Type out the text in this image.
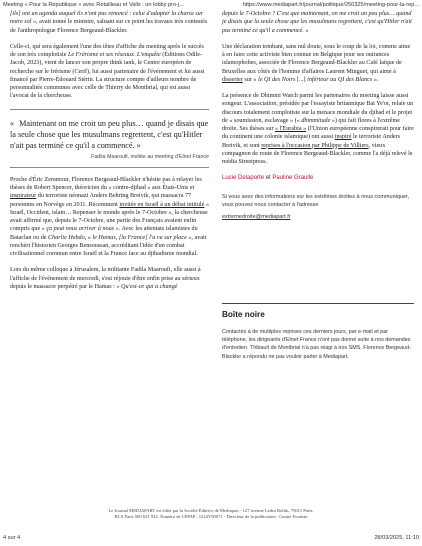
Meeting « Pour la République » avec Retailleau et Valls : un lobby pro-j...	https://www.mediapart.fr/journal/politique/250325/meeting-pour-la-rep...

[ils] ont un agenda auquel ils n'ont pas renoncé : celui d'adapter la charia sur notre sol », avait tonné le ministre, saluant sur ce point les travaux très contestés de l'anthropologue Florence Bergeaud-Blackler.

Celle-ci, qui sera également l'une des têtes d'affiche du meeting après le succès de son très complotiste Le Frérisme et ses réseaux. L'enquête (Éditions Odile-Jacob, 2023), vient de lancer son propre think tank, le Centre européen de recherche sur le frérisme (Cerif), lui aussi partenaire de l'événement et lui aussi financé par Pierre-Édouard Stérin. La structure compte d'ailleurs nombre de personnalités communes avec celle de Thierry de Montbrial, qui est aussi l'avocat de la chercheuse.

« Maintenant on me croit un peu plus… quand je disais que la seule chose que les musulmans regrettent, c'est qu'Hitler n'ait pas terminé ce qu'il a commencé. »
Fadila Maaroufi, invitée au meeting d'Elnet France

Proche d'Éric Zemmour, Florence Bergeaud-Blackler n'hésite pas à relayer les thèses de Robert Spencer, théoricien du « contre-djihad » aux États-Unis et inspirateur du terroriste néonazi Anders Behring Breivik, qui massacra 77 personnes en Norvège en 2011. Récemment invitée en Israël à un débat intitulé « Israël, Occident, islam… Repenser le monde après le 7-Octobre », la chercheuse avait affirmé que, depuis le 7-Octobre, une partie des Français avaient enfin compris que « ça peut nous arriver à nous ». Avec les attentats islamistes du Bataclan ou de Charlie Hebdo, « le Hamas, [la France] l'a vu sur place », avait renchéri l'historien Georges Bensoussan, accréditant l'idée d'un combat civilisationnel commun entre Israël et la France face au djihadisme mondial.

Lors du même colloque à Jérusalem, la militante Fadila Maaroufi, elle aussi à l'affiche de l'événement de mercredi, s'est réjouie d'être enfin prise au sérieux depuis le massacre perpétré par le Hamas : « Qu'est-ce qui a changé

depuis le 7-Octobre ? C'est que maintenant, on me croit un peu plus… quand je disais que la seule chose que les musulmans regrettent, c'est qu'Hitler n'ait pas terminé ce qu'il a commencé. »

Une déclaration tombant, sans nul doute, sous le coup de la loi, comme aime à en faire cette activiste bien connue en Belgique pour ses outrances islamophobes, associée de Florence Bergeaud-Blackler au Café laïque de Bruxelles aux côtés de l'homme d'affaires Laurent Minguet, qui aime à disserter sur « le QI des Noirs [...] inférieur au QI des Blancs ».

La présence de Dhimmi Watch parmi les partenaires du meeting laisse aussi songeur. L'association, présidée par l'essayiste britannique Bat Ye'or, relaie un discours totalement complotiste sur la menace mondiale du djihad et le projet de « soumission, esclavage » (« dhimmitude ») qui fait flores à l'extrême droite. Ses thèses sur « l'Eurabia » (l'Union européenne conspirerait pour faire du continent une colonie islamique) ont aussi inspiré le terroriste Anders Breivik, et sont reprises à l'occasion par Philippe de Villiers, vieux compagnon de route de Florence Bergeaud-Blackler, comme l'a déjà relevé le média Streetpress.

Lucie Delaporte et Pauline Graulle
Si vous avez des informations sur les extrêmes droites à nous communiquer, vous pouvez nous contacter à l'adresse
extremedroite@mediapart.fr
Boîte noire
Contactés à de multiples reprises ces derniers jours, par e-mail et par téléphone, les dirigeants d'Elnet France n'ont pas donné suite à nos demandes d'entretien. Thibault de Montbrial n'a pas réagi à nos SMS. Florence Bergeaud-Blackler a répondu ne pas vouloir parler à Mediapart.
Le Journal MEDIAPART est édité par la Société Éditrice de Mediapart - 127 avenue Ledru Rollin, 75011 Paris.
RCS Paris 500 631 932. Numéro de CPPAP : 1224Y90071 - Directeur de la publication : Carine Fouteau
4 sur 4	28/03/2025, 11:10
